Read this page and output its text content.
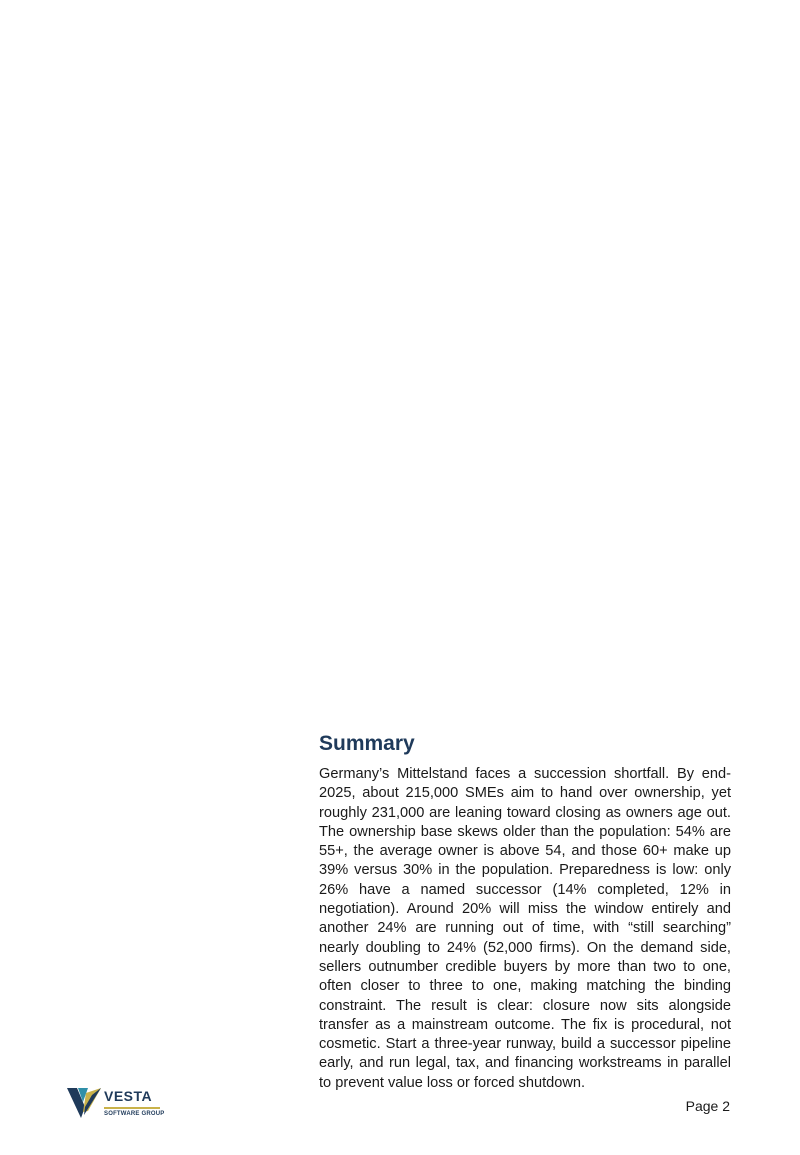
Summary

Germany’s Mittelstand faces a succession shortfall. By end-2025, about 215,000 SMEs aim to hand over ownership, yet roughly 231,000 are leaning toward closing as owners age out. The ownership base skews older than the population: 54% are 55+, the average owner is above 54, and those 60+ make up 39% versus 30% in the population. Preparedness is low: only 26% have a named successor (14% completed, 12% in negotiation). Around 20% will miss the window entirely and another 24% are running out of time, with “still searching” nearly doubling to 24% (52,000 firms). On the demand side, sellers outnumber credible buyers by more than two to one, often closer to three to one, making matching the binding constraint. The result is clear: closure now sits alongside transfer as a mainstream outcome. The fix is procedural, not cosmetic. Start a three-year runway, build a successor pipeline early, and run legal, tax, and financing workstreams in parallel to prevent value loss or forced shutdown.

VESTA
SOFTWARE GROUP	Page 2
